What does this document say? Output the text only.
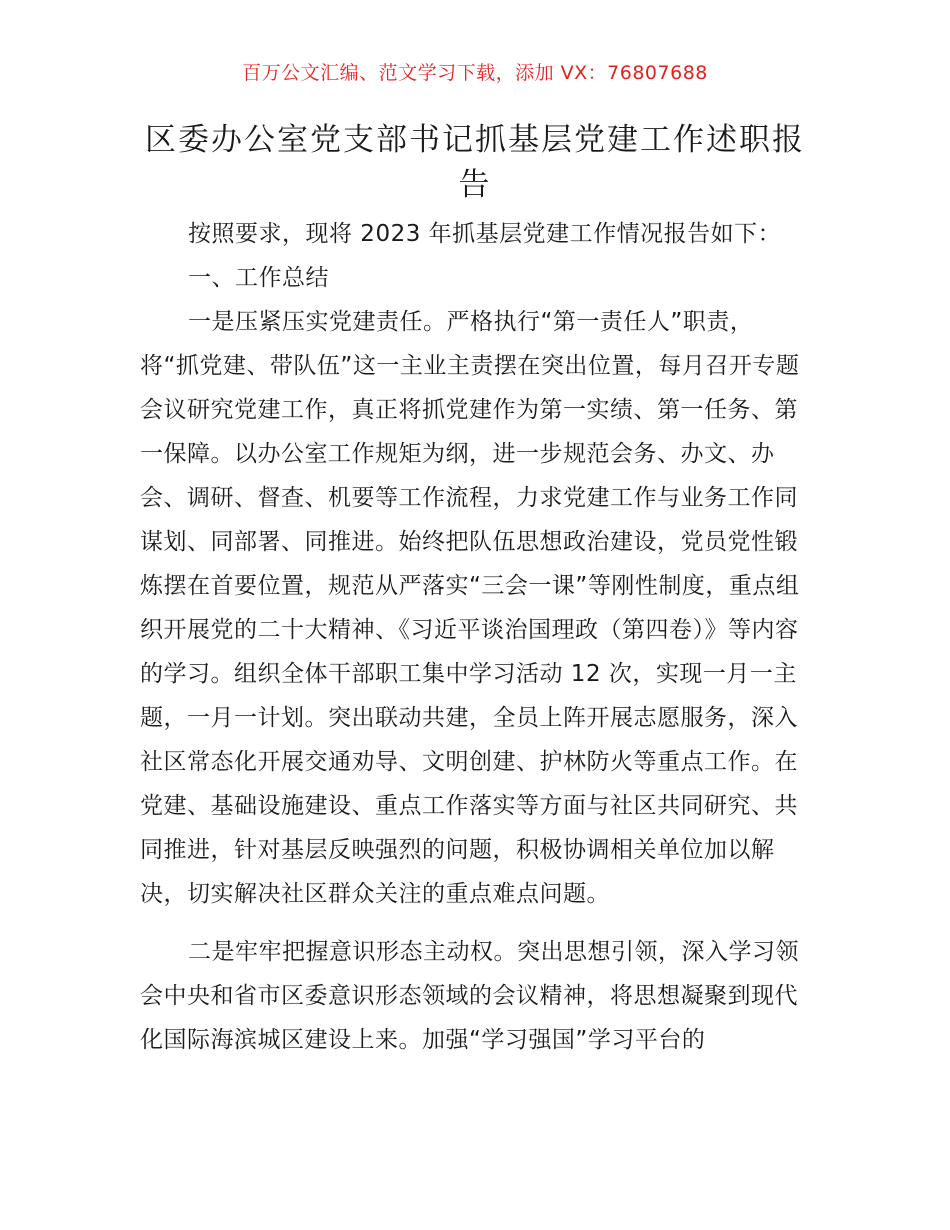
百万公文汇编、范文学习下载，添加 VX：76807688
区委办公室党支部书记抓基层党建工作述职报告

按照要求，现将 2023 年抓基层党建工作情况报告如下：

一、工作总结

一是压紧压实党建责任。严格执行“第一责任人”职责，将“抓党建、带队伍”这一主业主责摆在突出位置，每月召开专题会议研究党建工作，真正将抓党建作为第一实绩、第一任务、第一保障。以办公室工作规矩为纲，进一步规范会务、办文、办会、调研、督查、机要等工作流程，力求党建工作与业务工作同谋划、同部署、同推进。始终把队伍思想政治建设，党员党性锻炼摆在首要位置，规范从严落实“三会一课”等刚性制度，重点组织开展党的二十大精神、《习近平谈治国理政（第四卷）》等内容的学习。组织全体干部职工集中学习活动 12 次，实现一月一主题，一月一计划。突出联动共建，全员上阵开展志愿服务，深入社区常态化开展交通劝导、文明创建、护林防火等重点工作。在党建、基础设施建设、重点工作落实等方面与社区共同研究、共同推进，针对基层反映强烈的问题，积极协调相关单位加以解决，切实解决社区群众关注的重点难点问题。

二是牢牢把握意识形态主动权。突出思想引领，深入学习领会中央和省市区委意识形态领域的会议精神，将思想凝聚到现代化国际海滨城区建设上来。加强“学习强国”学习平台的
